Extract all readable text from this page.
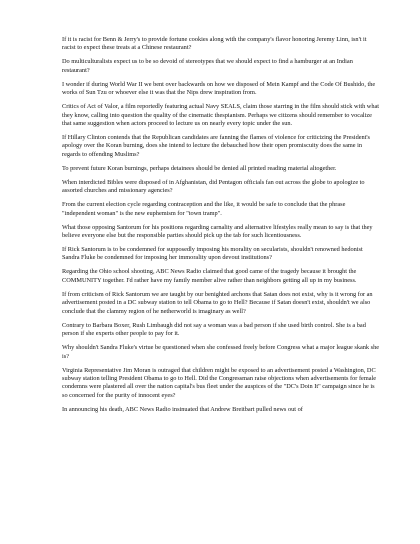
If it is racist for Benn & Jerry's to provide fortune cookies along with the company's flavor honoring Jeremy Linn, isn't it racist to expect these treats at a Chinese restaurant?

Do multiculturalists expect us to be so devoid of stereotypes that we should expect to find a hamburger at an Indian restaurant?

I wonder if during World War II we bent over backwards on how we disposed of Mein Kampf and the Code Of Bushido, the works of Sun Tzu or whoever else it was that the Nips drew inspiration from.

Critics of Act of Valor, a film reportedly featuring actual Navy SEALS, claim those starring in the film should stick with what they know, calling into question the quality of the cinematic thespianism. Perhaps we citizens should remember to vocalize that same suggestion when actors proceed to lecture us on nearly every topic under the sun.

If Hillary Clinton contends that the Republican candidates are fanning the flames of violence for criticizing the President's apology over the Koran burning, does she intend to lecture the debauched how their open promiscuity does the same in regards to offending Muslims?

To prevent future Koran burnings, perhaps detainees should be denied all printed reading material altogether.

When interdicted Bibles were disposed of in Afghanistan, did Pentagon officials fan out across the globe to apologize to assorted churches and missionary agencies?

From the current election cycle regarding contraception and the like, it would be safe to conclude that the phrase "independent woman" is the new euphemism for "town tramp".

What those opposing Santorum for his positions regarding carnality and alternative lifestyles really mean to say is that they believe everyone else but the responsible parties should pick up the tab for such licentiousness.

If Rick Santorum is to be condemned for supposedly imposing his morality on secularists, shouldn't renowned hedonist Sandra Fluke be condemned for imposing her immorality upon devout institutions?

Regarding the Ohio school shooting, ABC News Radio claimed that good came of the tragedy because it brought the COMMUNITY together. I'd rather have my family member alive rather than neighbors getting all up in my business.

If from criticism of Rick Santorum we are taught by our benighted archons that Satan does not exist, why is it wrong for an advertisement posted in a DC subway station to tell Obama to go to Hell? Because if Satan doesn't exist, shouldn't we also conclude that the clammy region of he netherworld is imaginary as well?

Contrary to Barbara Boxer, Rush Limbaugh did not say a woman was a bad person if she used birth control. She is a bad person if she experts other people to pay for it.

Why shouldn't Sandra Fluke's virtue be questioned when she confessed freely before Congress what a major league skank she is?

Virginia Representative Jim Moran is outraged that children might be exposed to an advertisement posted a Washington, DC subway station telling President Obama to go to Hell. Did the Congressman raise objections when advertisements for female condemns were plastered all over the nation capital's bus fleet under the auspices of the "DC's Doin It" campaign since he is so concerned for the purity of innocent eyes?

In announcing his death, ABC News Radio insinuated that Andrew Breitbart pulled news out of
